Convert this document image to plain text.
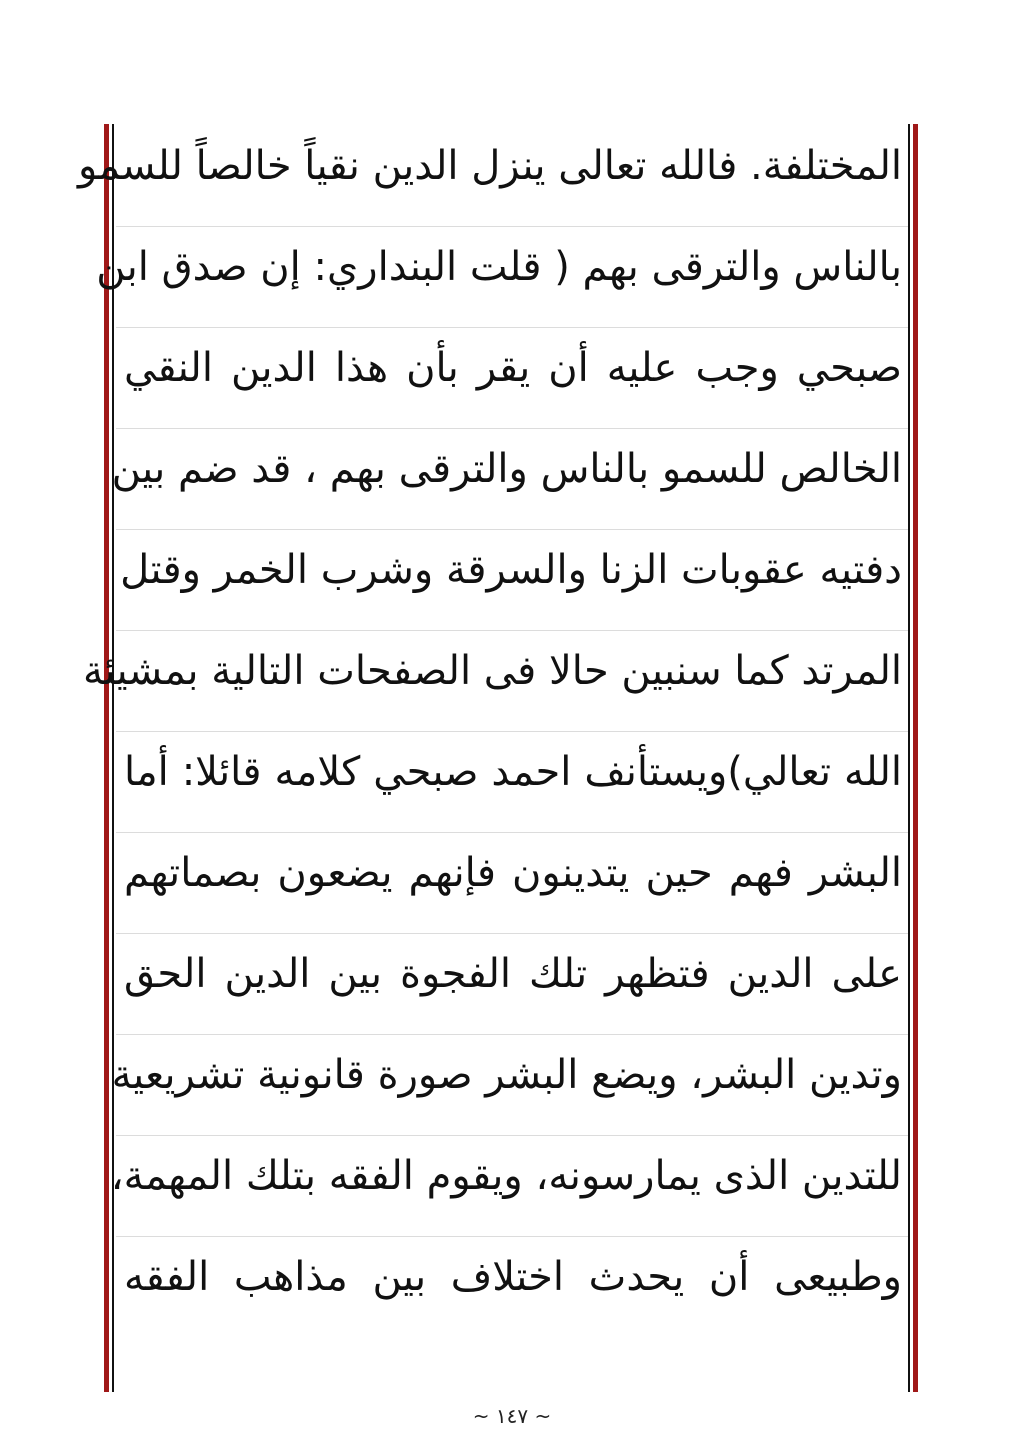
المختلفة. فالله تعالى ينزل الدين نقياً خالصاً للسمو
بالناس والترقى بهم ( قلت البنداري: إن صدق ابن
صبحي وجب عليه أن يقر بأن هذا الدين النقي
الخالص للسمو بالناس والترقى بهم ، قد ضم بين
دفتيه عقوبات الزنا والسرقة وشرب الخمر وقتل
المرتد كما سنبين حالا فى الصفحات التالية بمشيئة
الله تعالي)ويستأنف احمد صبحي كلامه قائلا: أما
البشر فهم حين يتدينون فإنهم يضعون بصماتهم
على الدين فتظهر تلك الفجوة بين الدين الحق
وتدين البشر، ويضع البشر صورة قانونية تشريعية
للتدين الذى يمارسونه، ويقوم الفقه بتلك المهمة،
وطبيعى أن يحدث اختلاف بين مذاهب الفقه
~ ١٤٧ ~
